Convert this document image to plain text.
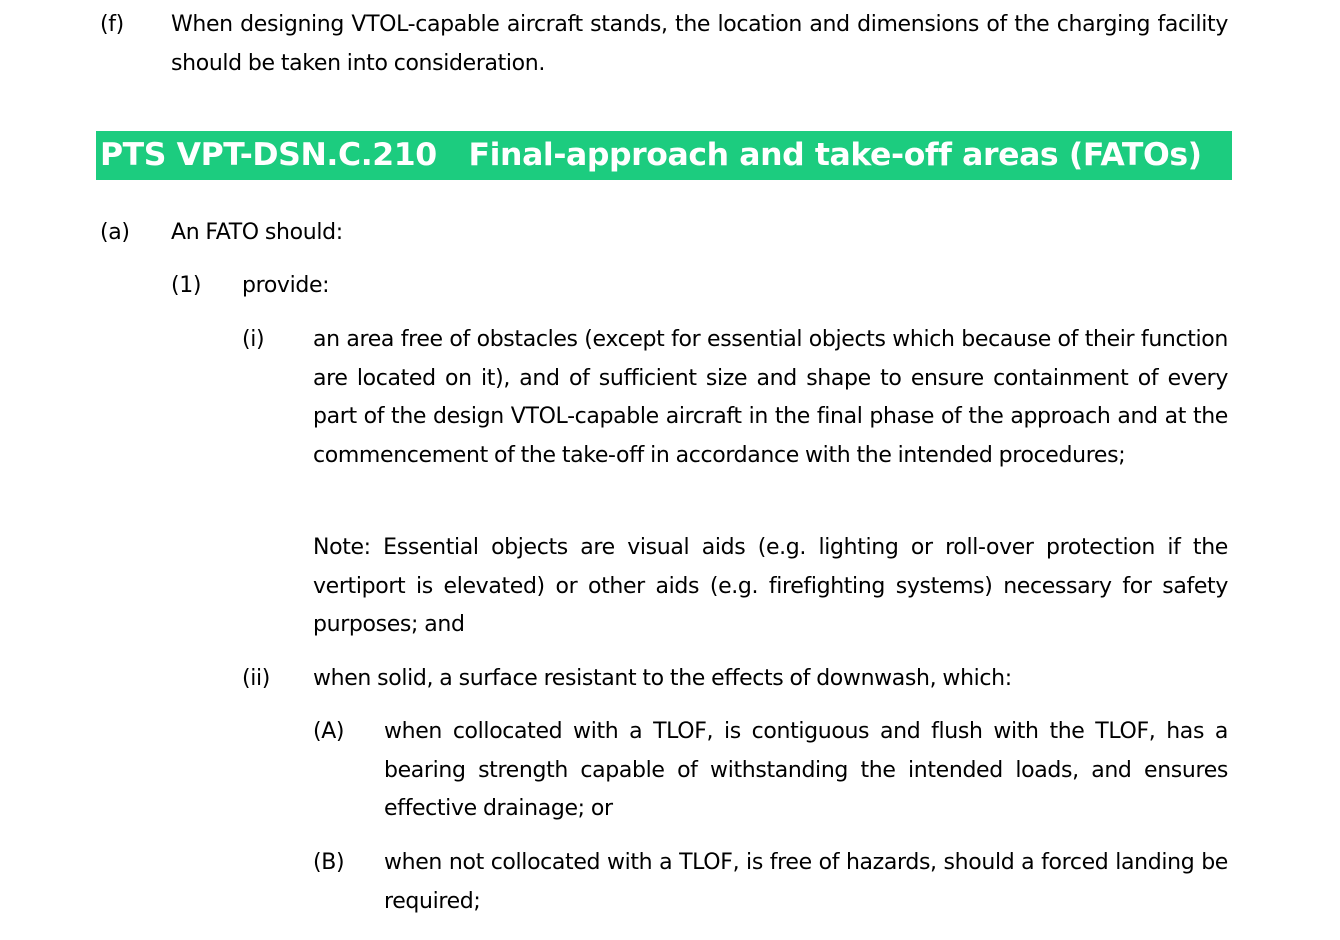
(f) When designing VTOL-capable aircraft stands, the location and dimensions of the charging facility should be taken into consideration.
PTS VPT-DSN.C.210   Final-approach and take-off areas (FATOs)
(a) An FATO should:
(1) provide:
(i) an area free of obstacles (except for essential objects which because of their function are located on it), and of sufficient size and shape to ensure containment of every part of the design VTOL-capable aircraft in the final phase of the approach and at the commencement of the take-off in accordance with the intended procedures;
Note: Essential objects are visual aids (e.g. lighting or roll-over protection if the vertiport is elevated) or other aids (e.g. firefighting systems) necessary for safety purposes; and
(ii) when solid, a surface resistant to the effects of downwash, which:
(A) when collocated with a TLOF, is contiguous and flush with the TLOF, has a bearing strength capable of withstanding the intended loads, and ensures effective drainage; or
(B) when not collocated with a TLOF, is free of hazards, should a forced landing be required;
